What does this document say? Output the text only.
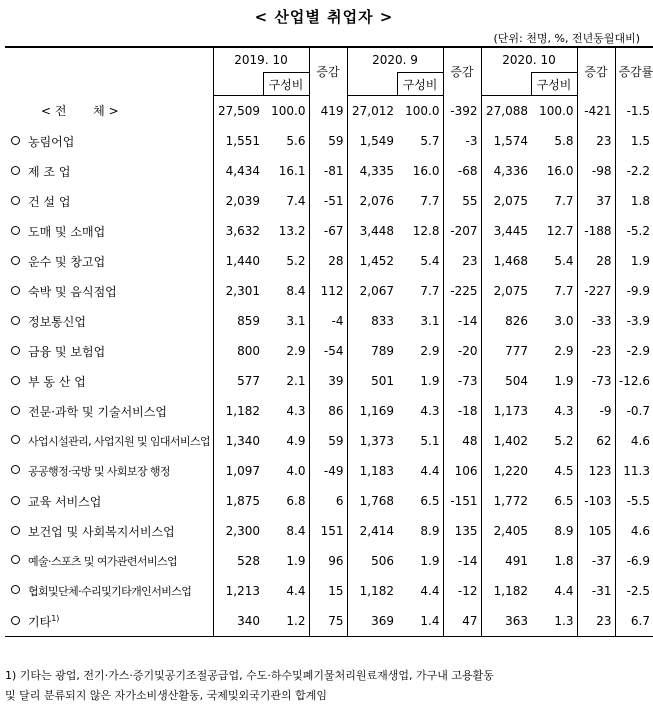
< 산업별 취업자 >
(단위: 천명, %, 전년동월대비)
	2019. 10		증감	2020. 9		증감	2020. 10		증감	증감률
		구성비			구성비			구성비		
< 전       체 >	27,509	100.0	419	27,012	100.0	-392	27,088	100.0	-421	-1.5
농림어업	1,551	5.6	59	1,549	5.7	-3	1,574	5.8	23	1.5
제 조 업	4,434	16.1	-81	4,335	16.0	-68	4,336	16.0	-98	-2.2
건 설 업	2,039	7.4	-51	2,076	7.7	55	2,075	7.7	37	1.8
도매 및 소매업	3,632	13.2	-67	3,448	12.8	-207	3,445	12.7	-188	-5.2
운수 및 창고업	1,440	5.2	28	1,452	5.4	23	1,468	5.4	28	1.9
숙박 및 음식점업	2,301	8.4	112	2,067	7.7	-225	2,075	7.7	-227	-9.9
정보통신업	859	3.1	-4	833	3.1	-14	826	3.0	-33	-3.9
금융 및 보험업	800	2.9	-54	789	2.9	-20	777	2.9	-23	-2.9
부 동 산 업	577	2.1	39	501	1.9	-73	504	1.9	-73	-12.6
전문·과학 및 기술서비스업	1,182	4.3	86	1,169	4.3	-18	1,173	4.3	-9	-0.7
사업시설관리, 사업지원 및 임대서비스업	1,340	4.9	59	1,373	5.1	48	1,402	5.2	62	4.6
공공행정·국방 및 사회보장 행정	1,097	4.0	-49	1,183	4.4	106	1,220	4.5	123	11.3
교육 서비스업	1,875	6.8	6	1,768	6.5	-151	1,772	6.5	-103	-5.5
보건업 및 사회복지서비스업	2,300	8.4	151	2,414	8.9	135	2,405	8.9	105	4.6
예술·스포츠 및 여가관련서비스업	528	1.9	96	506	1.9	-14	491	1.8	-37	-6.9
협회및단체·수리및기타개인서비스업	1,213	4.4	15	1,182	4.4	-12	1,182	4.4	-31	-2.5
기타$^{1)}$	340	1.2	75	369	1.4	47	363	1.3	23	6.7
1) 기타는 광업, 전기·가스·증기및공기조절공급업, 수도·하수및폐기물처리원료재생업, 가구내 고용활동
및 달리 분류되지 않은 자가소비생산활동, 국제및외국기관의 합계임
